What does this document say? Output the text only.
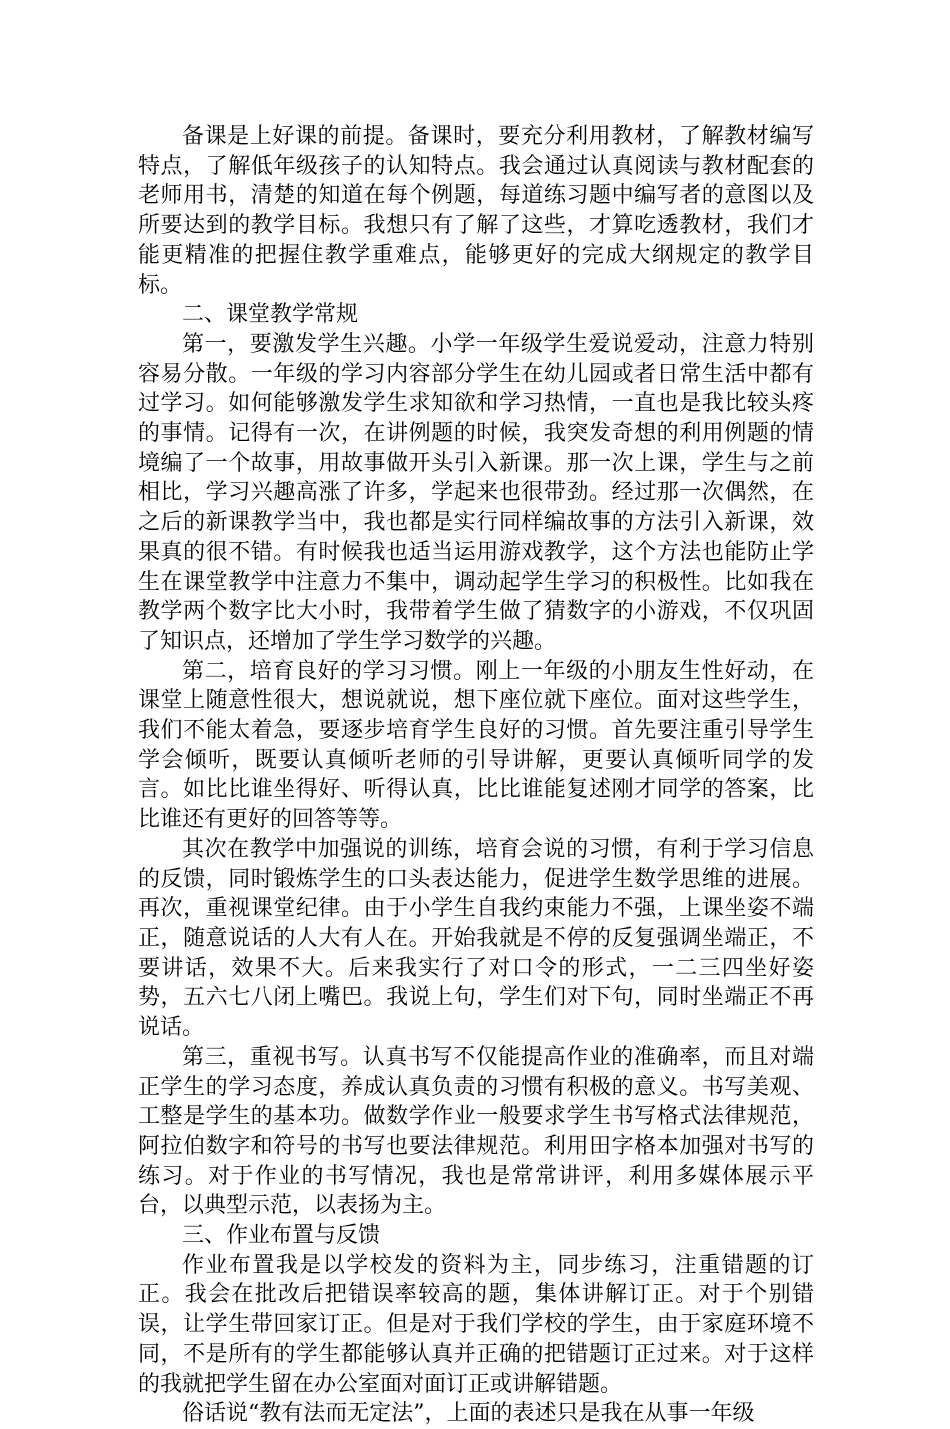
备课是上好课的前提。备课时，要充分利用教材，了解教材编写特点，了解低年级孩子的认知特点。我会通过认真阅读与教材配套的老师用书，清楚的知道在每个例题，每道练习题中编写者的意图以及所要达到的教学目标。我想只有了解了这些，才算吃透教材，我们才能更精准的把握住教学重难点，能够更好的完成大纲规定的教学目标。

二、课堂教学常规

第一，要激发学生兴趣。小学一年级学生爱说爱动，注意力特别容易分散。一年级的学习内容部分学生在幼儿园或者日常生活中都有过学习。如何能够激发学生求知欲和学习热情，一直也是我比较头疼的事情。记得有一次，在讲例题的时候，我突发奇想的利用例题的情境编了一个故事，用故事做开头引入新课。那一次上课，学生与之前相比，学习兴趣高涨了许多，学起来也很带劲。经过那一次偶然，在之后的新课教学当中，我也都是实行同样编故事的方法引入新课，效果真的很不错。有时候我也适当运用游戏教学，这个方法也能防止学生在课堂教学中注意力不集中，调动起学生学习的积极性。比如我在教学两个数字比大小时，我带着学生做了猜数字的小游戏，不仅巩固了知识点，还增加了学生学习数学的兴趣。

第二，培育良好的学习习惯。刚上一年级的小朋友生性好动，在课堂上随意性很大，想说就说，想下座位就下座位。面对这些学生，我们不能太着急，要逐步培育学生良好的习惯。首先要注重引导学生学会倾听，既要认真倾听老师的引导讲解，更要认真倾听同学的发言。如比比谁坐得好、听得认真，比比谁能复述刚才同学的答案，比比谁还有更好的回答等等。

其次在教学中加强说的训练，培育会说的习惯，有利于学习信息的反馈，同时锻炼学生的口头表达能力，促进学生数学思维的进展。再次，重视课堂纪律。由于小学生自我约束能力不强，上课坐姿不端正，随意说话的人大有人在。开始我就是不停的反复强调坐端正，不要讲话，效果不大。后来我实行了对口令的形式，一二三四坐好姿势，五六七八闭上嘴巴。我说上句，学生们对下句，同时坐端正不再说话。

第三，重视书写。认真书写不仅能提高作业的准确率，而且对端正学生的学习态度，养成认真负责的习惯有积极的意义。书写美观、工整是学生的基本功。做数学作业一般要求学生书写格式法律规范，阿拉伯数字和符号的书写也要法律规范。利用田字格本加强对书写的练习。对于作业的书写情况，我也是常常讲评，利用多媒体展示平台，以典型示范，以表扬为主。

三、作业布置与反馈

作业布置我是以学校发的资料为主，同步练习，注重错题的订正。我会在批改后把错误率较高的题，集体讲解订正。对于个别错误，让学生带回家订正。但是对于我们学校的学生，由于家庭环境不同，不是所有的学生都能够认真并正确的把错题订正过来。对于这样的我就把学生留在办公室面对面订正或讲解错题。

俗话说“教有法而无定法”，上面的表述只是我在从事一年级
